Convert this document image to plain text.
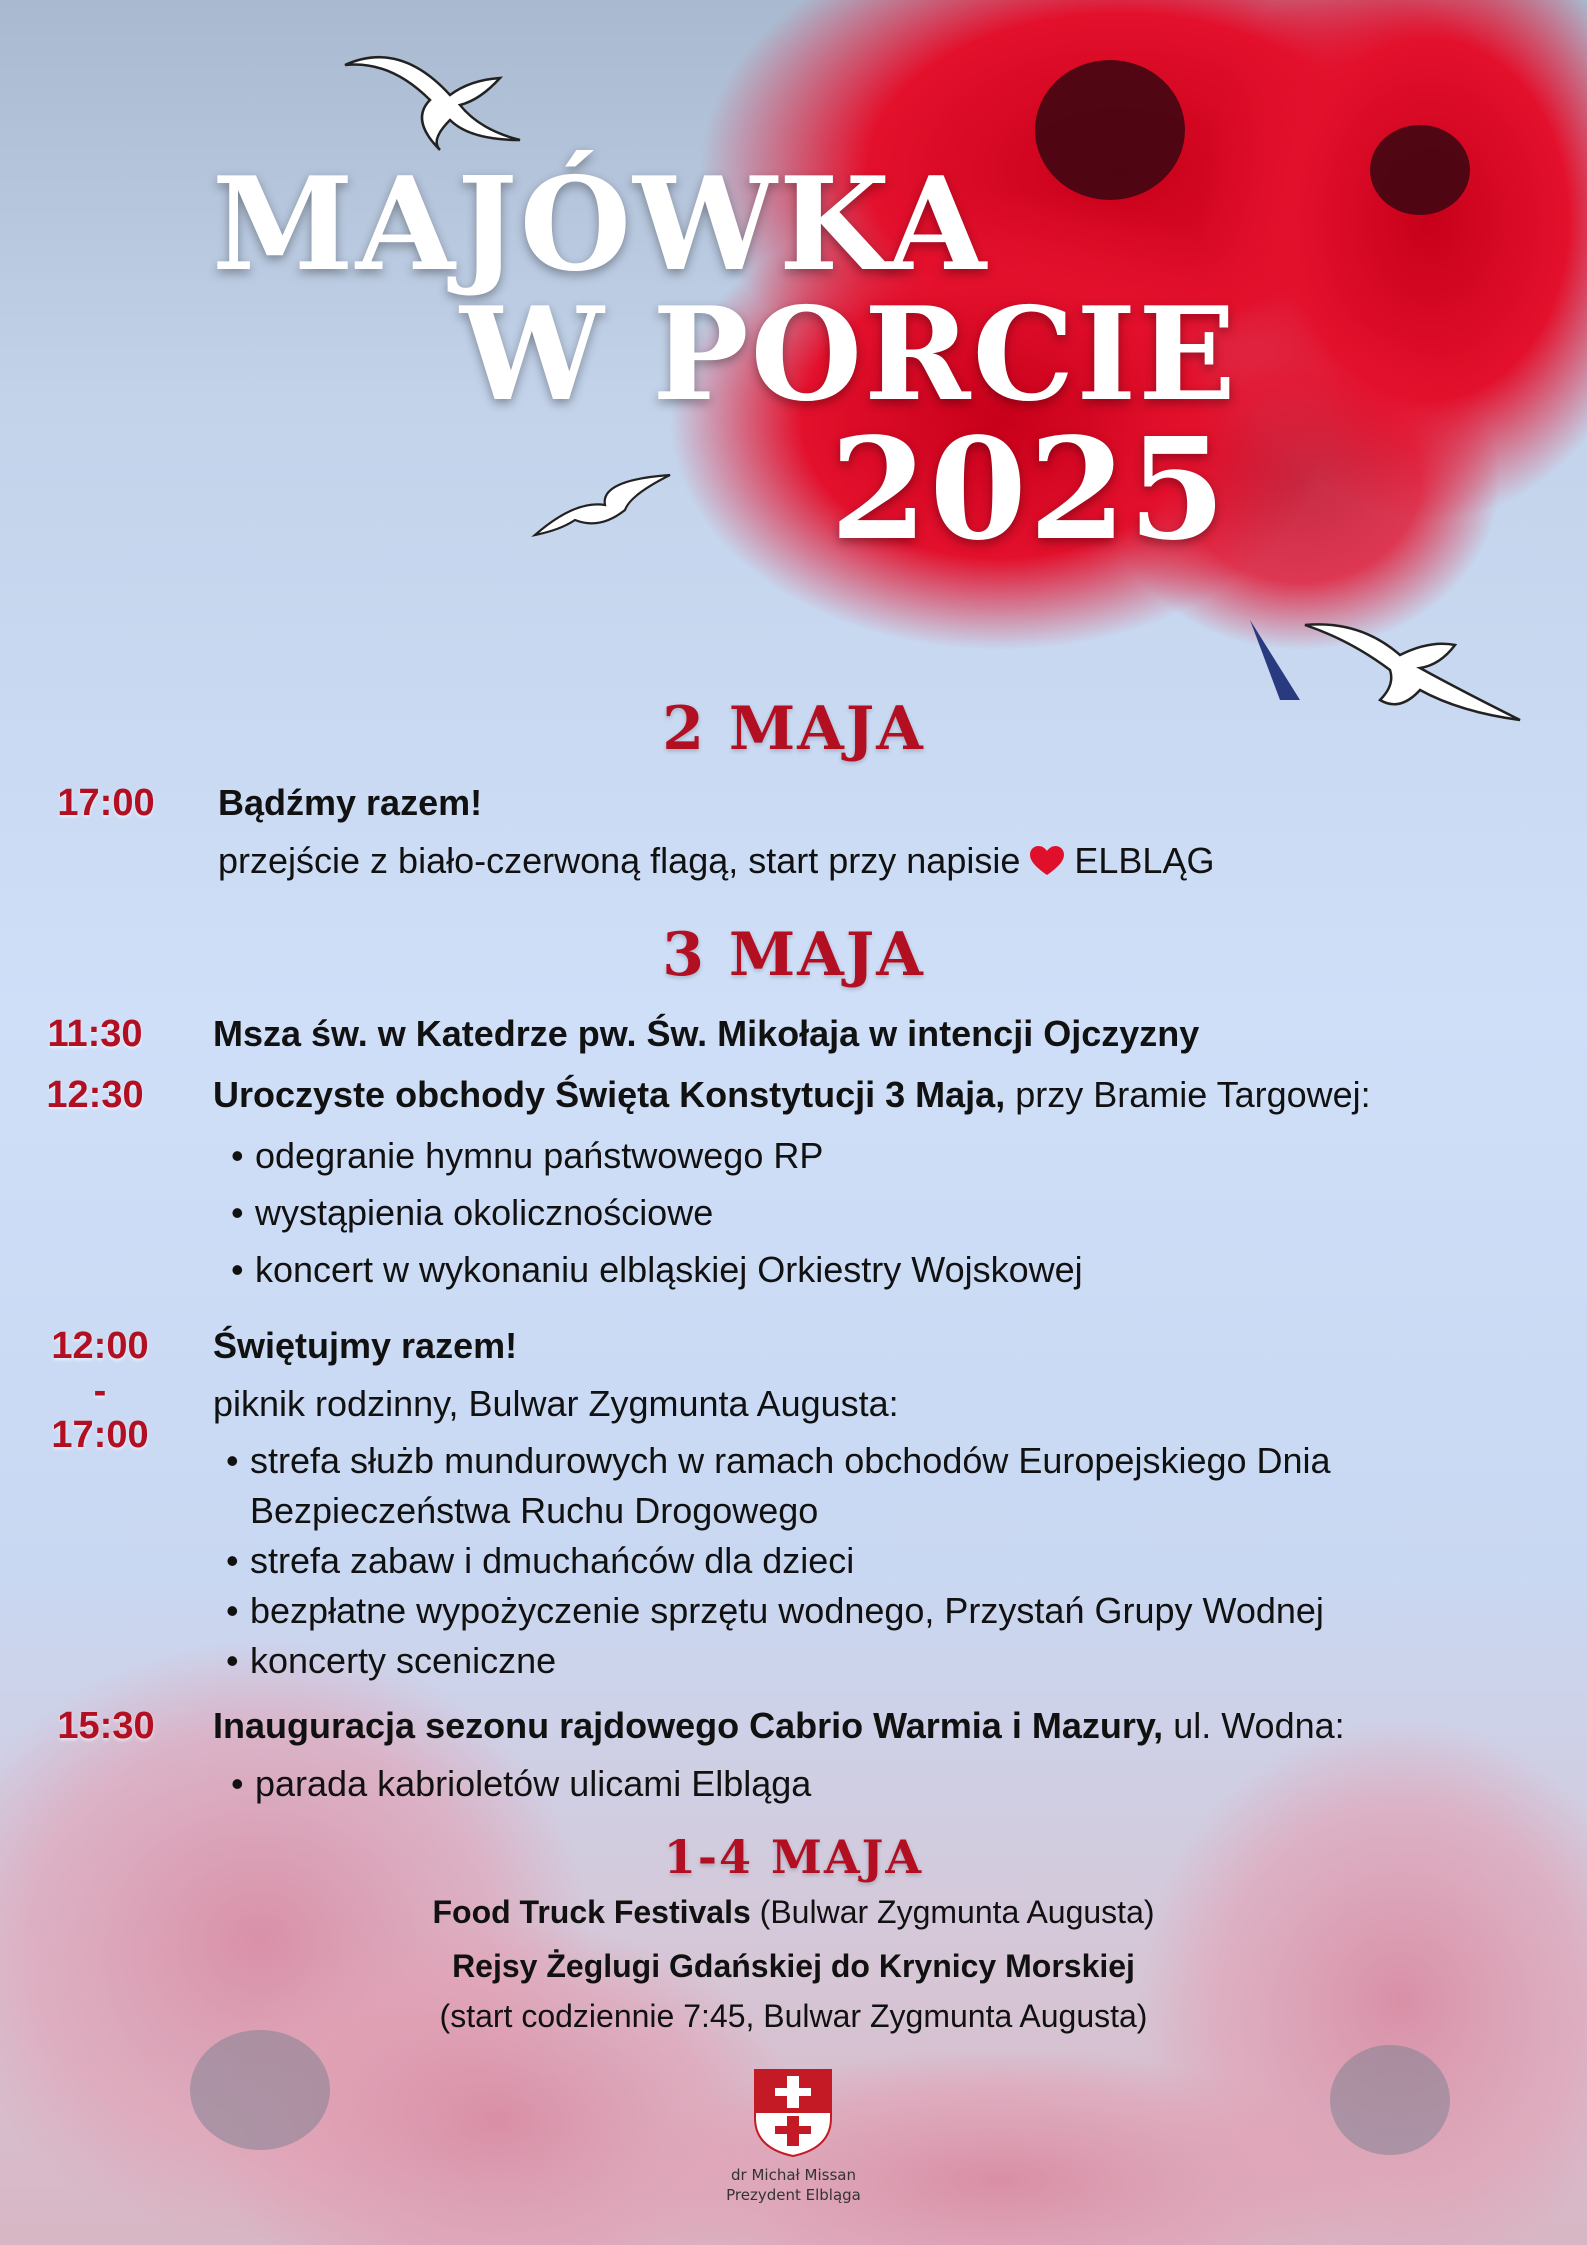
MAJÓWKA
W PORCIE
2025
2 MAJA
17:00 Bądźmy razem!
przejście z biało-czerwoną flagą, start przy napisie ELBLĄG
3 MAJA
11:30 Msza św. w Katedrze pw. Św. Mikołaja w intencji Ojczyzny
12:30 Uroczyste obchody Święta Konstytucji 3 Maja, przy Bramie Targowej:
• odegranie hymnu państwowego RP
• wystąpienia okolicznościowe
• koncert w wykonaniu elbląskiej Orkiestry Wojskowej
12:00
-
17:00
Świętujmy razem!
piknik rodzinny, Bulwar Zygmunta Augusta:
• strefa służb mundurowych w ramach obchodów Europejskiego Dnia
Bezpieczeństwa Ruchu Drogowego
• strefa zabaw i dmuchańców dla dzieci
• bezpłatne wypożyczenie sprzętu wodnego, Przystań Grupy Wodnej
• koncerty sceniczne
15:30 Inauguracja sezonu rajdowego Cabrio Warmia i Mazury, ul. Wodna:
• parada kabrioletów ulicami Elbląga
1-4 MAJA
Food Truck Festivals (Bulwar Zygmunta Augusta)
Rejsy Żeglugi Gdańskiej do Krynicy Morskiej
(start codziennie 7:45, Bulwar Zygmunta Augusta)
dr Michał Missan
Prezydent Elbląga
